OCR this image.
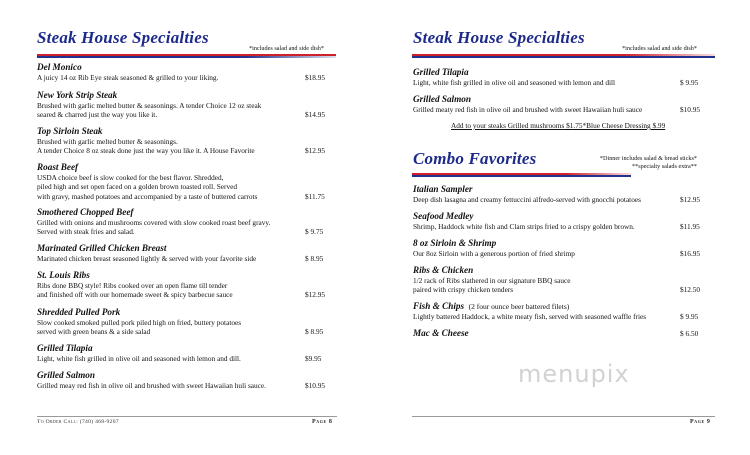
Steak House Specialties
*includes salad and side dish*
Del Monico
A juicy 14 oz Rib Eye steak seasoned & grilled to your liking.	$18.95
New York Strip Steak
Brushed with garlic melted butter & seasonings. A tender Choice 12 oz steak
seared & charred just the way you like it.	$14.95
Top Sirloin Steak
Brushed with garlic melted butter & seasonings.
A tender Choice 8 oz steak done just the way you like it. A House Favorite	$12.95
Roast Beef
USDA choice beef is slow cooked for the best flavor. Shredded,
piled high and set open faced on a golden brown toasted roll. Served
with gravy, mashed potatoes and accompanied by a taste of buttered carrots	$11.75
Smothered Chopped Beef
Grilled with onions and mushrooms covered with slow cooked roast beef gravy.
Served with steak fries and salad.	$ 9.75
Marinated Grilled Chicken Breast
Marinated chicken breast seasoned lightly & served with your favorite side	$ 8.95
St. Louis Ribs
Ribs done BBQ style! Ribs cooked over an open flame till tender
and finished off with our homemade sweet & spicy barbecue sauce	$12.95
Shredded Pulled Pork
Slow cooked smoked pulled pork piled high on fried, buttery potatoes
served with green beans & a side salad	$ 8.95
Grilled Tilapia
Light, white fish grilled in olive oil and seasoned with lemon and dill.	$9.95
Grilled Salmon
Grilled meay red fish in olive oil and brushed with sweet Hawaiian huli sauce.	$10.95
To Order Call: (740) 468-9207	Page 8
Steak House Specialties
*includes salad and side dish*
Grilled Tilapia
Light, white fish grilled in olive oil and seasoned with lemon and dill	$ 9.95
Grilled Salmon
Grilled meaty red fish in olive oil and brushed with sweet Hawaiian huli sauce	$10.95
Add to your steaks Grilled mushrooms $1.75*Blue Cheese Dressing $.99
Combo Favorites	*Dinner includes salad & bread sticks*
**specialty salads extra**
Italian Sampler
Deep dish lasagna and creamy fettuccini alfredo-served with gnocchi potatoes	$12.95
Seafood Medley
Shrimp, Haddock white fish and Clam strips fried to a crispy golden brown.	$11.95
8 oz Sirloin & Shrimp
Our 8oz Sirloin with a generous portion of fried shrimp	$16.95
Ribs & Chicken
1/2 rack of Ribs slathered in our signature BBQ sauce
paired with crispy chicken tenders	$12.50
Fish & Chips (2 four ounce beer battered filets)
Lightly battered Haddock, a white meaty fish, served with seasoned waffle fries	$ 9.95
Mac & Cheese	$ 6.50
Page 9
menupix
